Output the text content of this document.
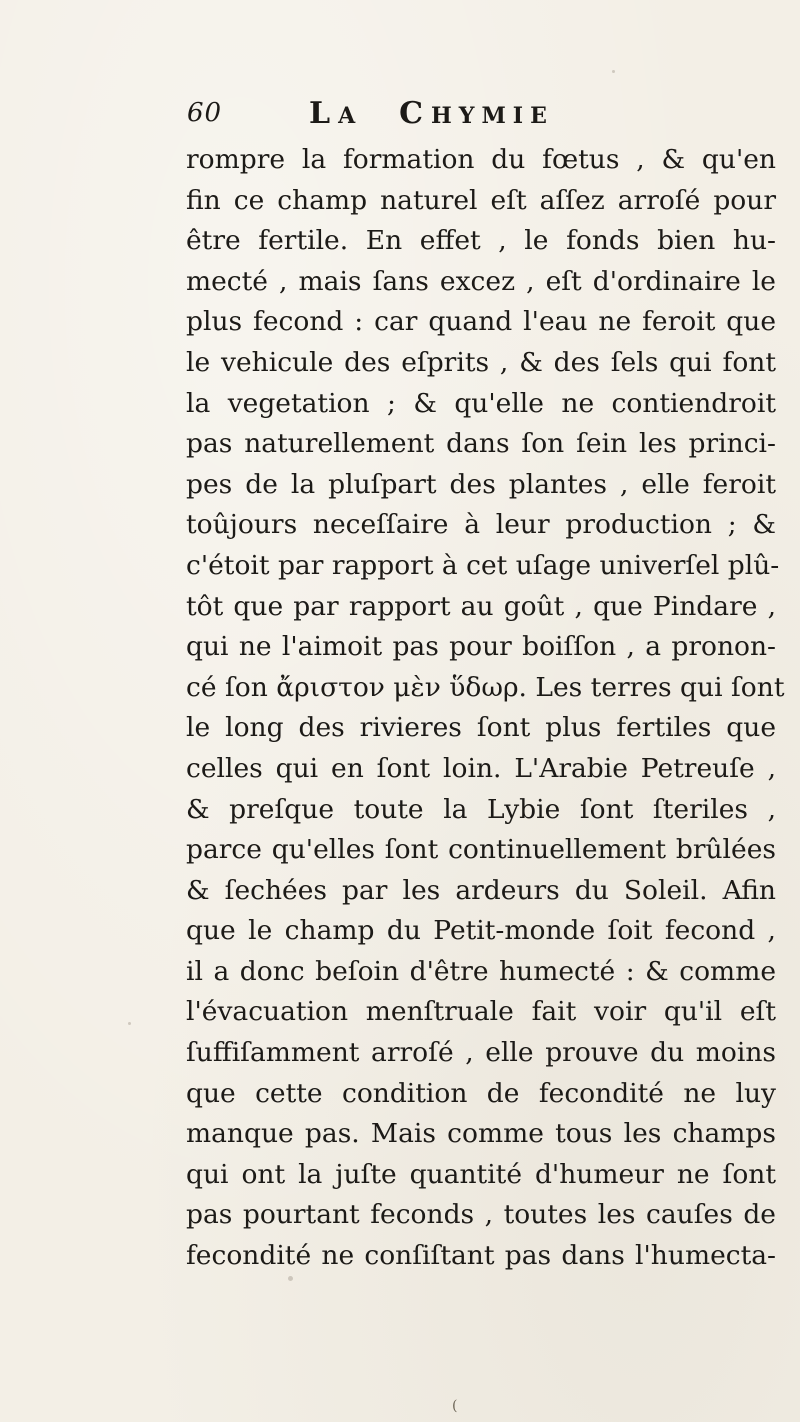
60	LA CHYMIE
rompre la formation du fœtus , & qu'en
fin ce champ naturel eſt aſſez arroſé pour
être fertile. En effet , le fonds bien hu-
mecté , mais ſans excez , eſt d'ordinaire le
plus fecond : car quand l'eau ne feroit que
le vehicule des eſprits , & des ſels qui font
la vegetation ; & qu'elle ne contiendroit
pas naturellement dans ſon ſein les princi-
pes de la pluſpart des plantes , elle feroit
toûjours neceſſaire à leur production ; &
c'étoit par rapport à cet uſage univerſel plû-
tôt que par rapport au goût , que Pindare ,
qui ne l'aimoit pas pour boiſſon , a pronon-
cé ſon ἄριστον μὲν ὕδωρ. Les terres qui ſont
le long des rivieres ſont plus fertiles que
celles qui en ſont loin. L'Arabie Petreuſe ,
& preſque toute la Lybie ſont ſteriles ,
parce qu'elles ſont continuellement brûlées
& ſechées par les ardeurs du Soleil. Afin
que le champ du Petit-monde ſoit fecond ,
il a donc beſoin d'être humecté : & comme
l'évacuation menſtruale fait voir qu'il eſt
ſuffiſamment arroſé , elle prouve du moins
que cette condition de fecondité ne luy
manque pas. Mais comme tous les champs
qui ont la juſte quantité d'humeur ne ſont
pas pourtant feconds , toutes les cauſes de
fecondité ne conſiſtant pas dans l'humecta-
(
